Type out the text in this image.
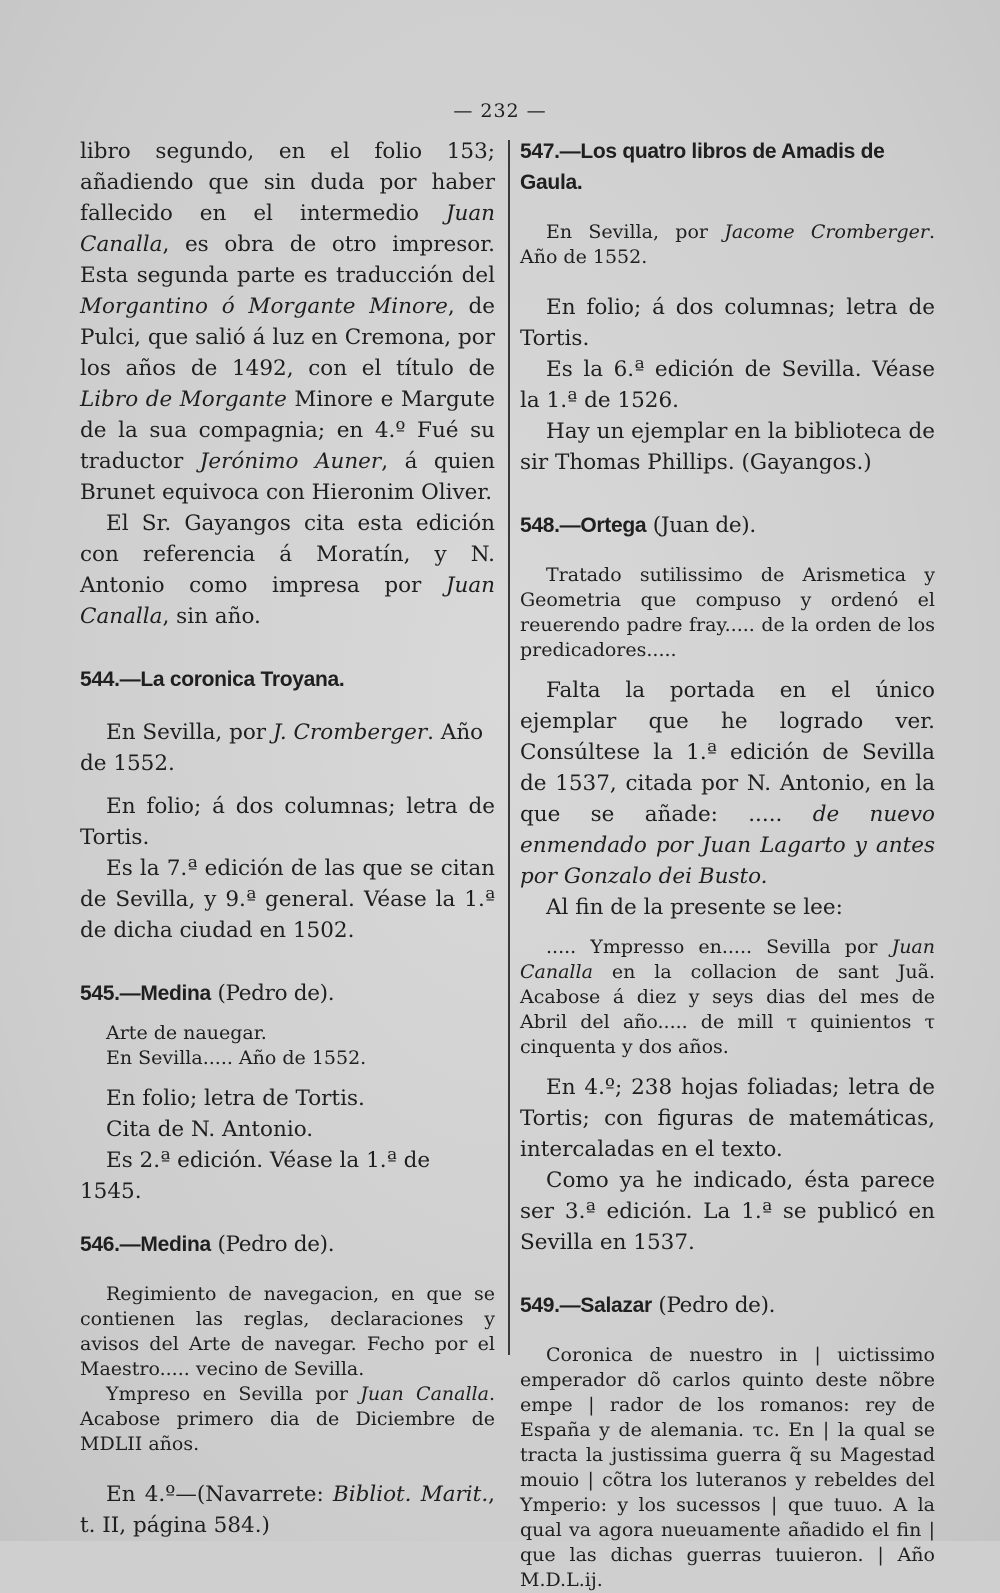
— 232 —

libro segundo, en el folio 153; añadiendo que sin duda por haber fallecido en el intermedio Juan Canalla, es obra de otro impresor. Esta segunda parte es traducción del Morgantino ó Morgante Minore, de Pulci, que salió á luz en Cremona, por los años de 1492, con el título de Libro de Morgante Minore e Margute de la sua compagnia; en 4.º Fué su traductor Jerónimo Auner, á quien Brunet equivoca con Hieronim Oliver.

El Sr. Gayangos cita esta edición con referencia á Moratín, y N. Antonio como impresa por Juan Canalla, sin año.

544.—La coronica Troyana.

En Sevilla, por J. Cromberger. Año de 1552.

En folio; á dos columnas; letra de Tortis.

Es la 7.ª edición de las que se citan de Sevilla, y 9.ª general. Véase la 1.ª de dicha ciudad en 1502.

545.—Medina (Pedro de).

Arte de nauegar.

En Sevilla..... Año de 1552.

En folio; letra de Tortis.

Cita de N. Antonio.

Es 2.ª edición. Véase la 1.ª de 1545.

546.—Medina (Pedro de).

Regimiento de navegacion, en que se contienen las reglas, declaraciones y avisos del Arte de navegar. Fecho por el Maestro..... vecino de Sevilla.

Ympreso en Sevilla por Juan Canalla. Acabose primero dia de Diciembre de MDLII años.

En 4.º—(Navarrete: Bibliot. Marit., t. II, página 584.)

547.—Los quatro libros de Amadis de Gaula.

En Sevilla, por Jacome Cromberger. Año de 1552.

En folio; á dos columnas; letra de Tortis.

Es la 6.ª edición de Sevilla. Véase la 1.ª de 1526.

Hay un ejemplar en la biblioteca de sir Thomas Phillips. (Gayangos.)

548.—Ortega (Juan de).

Tratado sutilissimo de Arismetica y Geometria que compuso y ordenó el reuerendo padre fray..... de la orden de los predicadores.....

Falta la portada en el único ejemplar que he logrado ver. Consúltese la 1.ª edición de Sevilla de 1537, citada por N. Antonio, en la que se añade: ..... de nuevo enmendado por Juan Lagarto y antes por Gonzalo dei Busto.

Al fin de la presente se lee:

..... Ympresso en..... Sevilla por Juan Canalla en la collacion de sant Juã. Acabose á diez y seys dias del mes de Abril del año..... de mill τ quinientos τ cinquenta y dos años.

En 4.º; 238 hojas foliadas; letra de Tortis; con figuras de matemáticas, intercaladas en el texto.

Como ya he indicado, ésta parece ser 3.ª edición. La 1.ª se publicó en Sevilla en 1537.

549.—Salazar (Pedro de).

Coronica de nuestro in | uictissimo emperador dõ carlos quinto deste nõbre empe | rador de los romanos: rey de España y de alemania. τc. En | la qual se tracta la justissima guerra q̃ su Magestad mouio | cõtra los luteranos y rebeldes del Ymperio: y los sucessos | que tuuo. A la qual va agora nueuamente añadido el fin | que las dichas guerras tuuieron. | Año M.D.L.ij.
